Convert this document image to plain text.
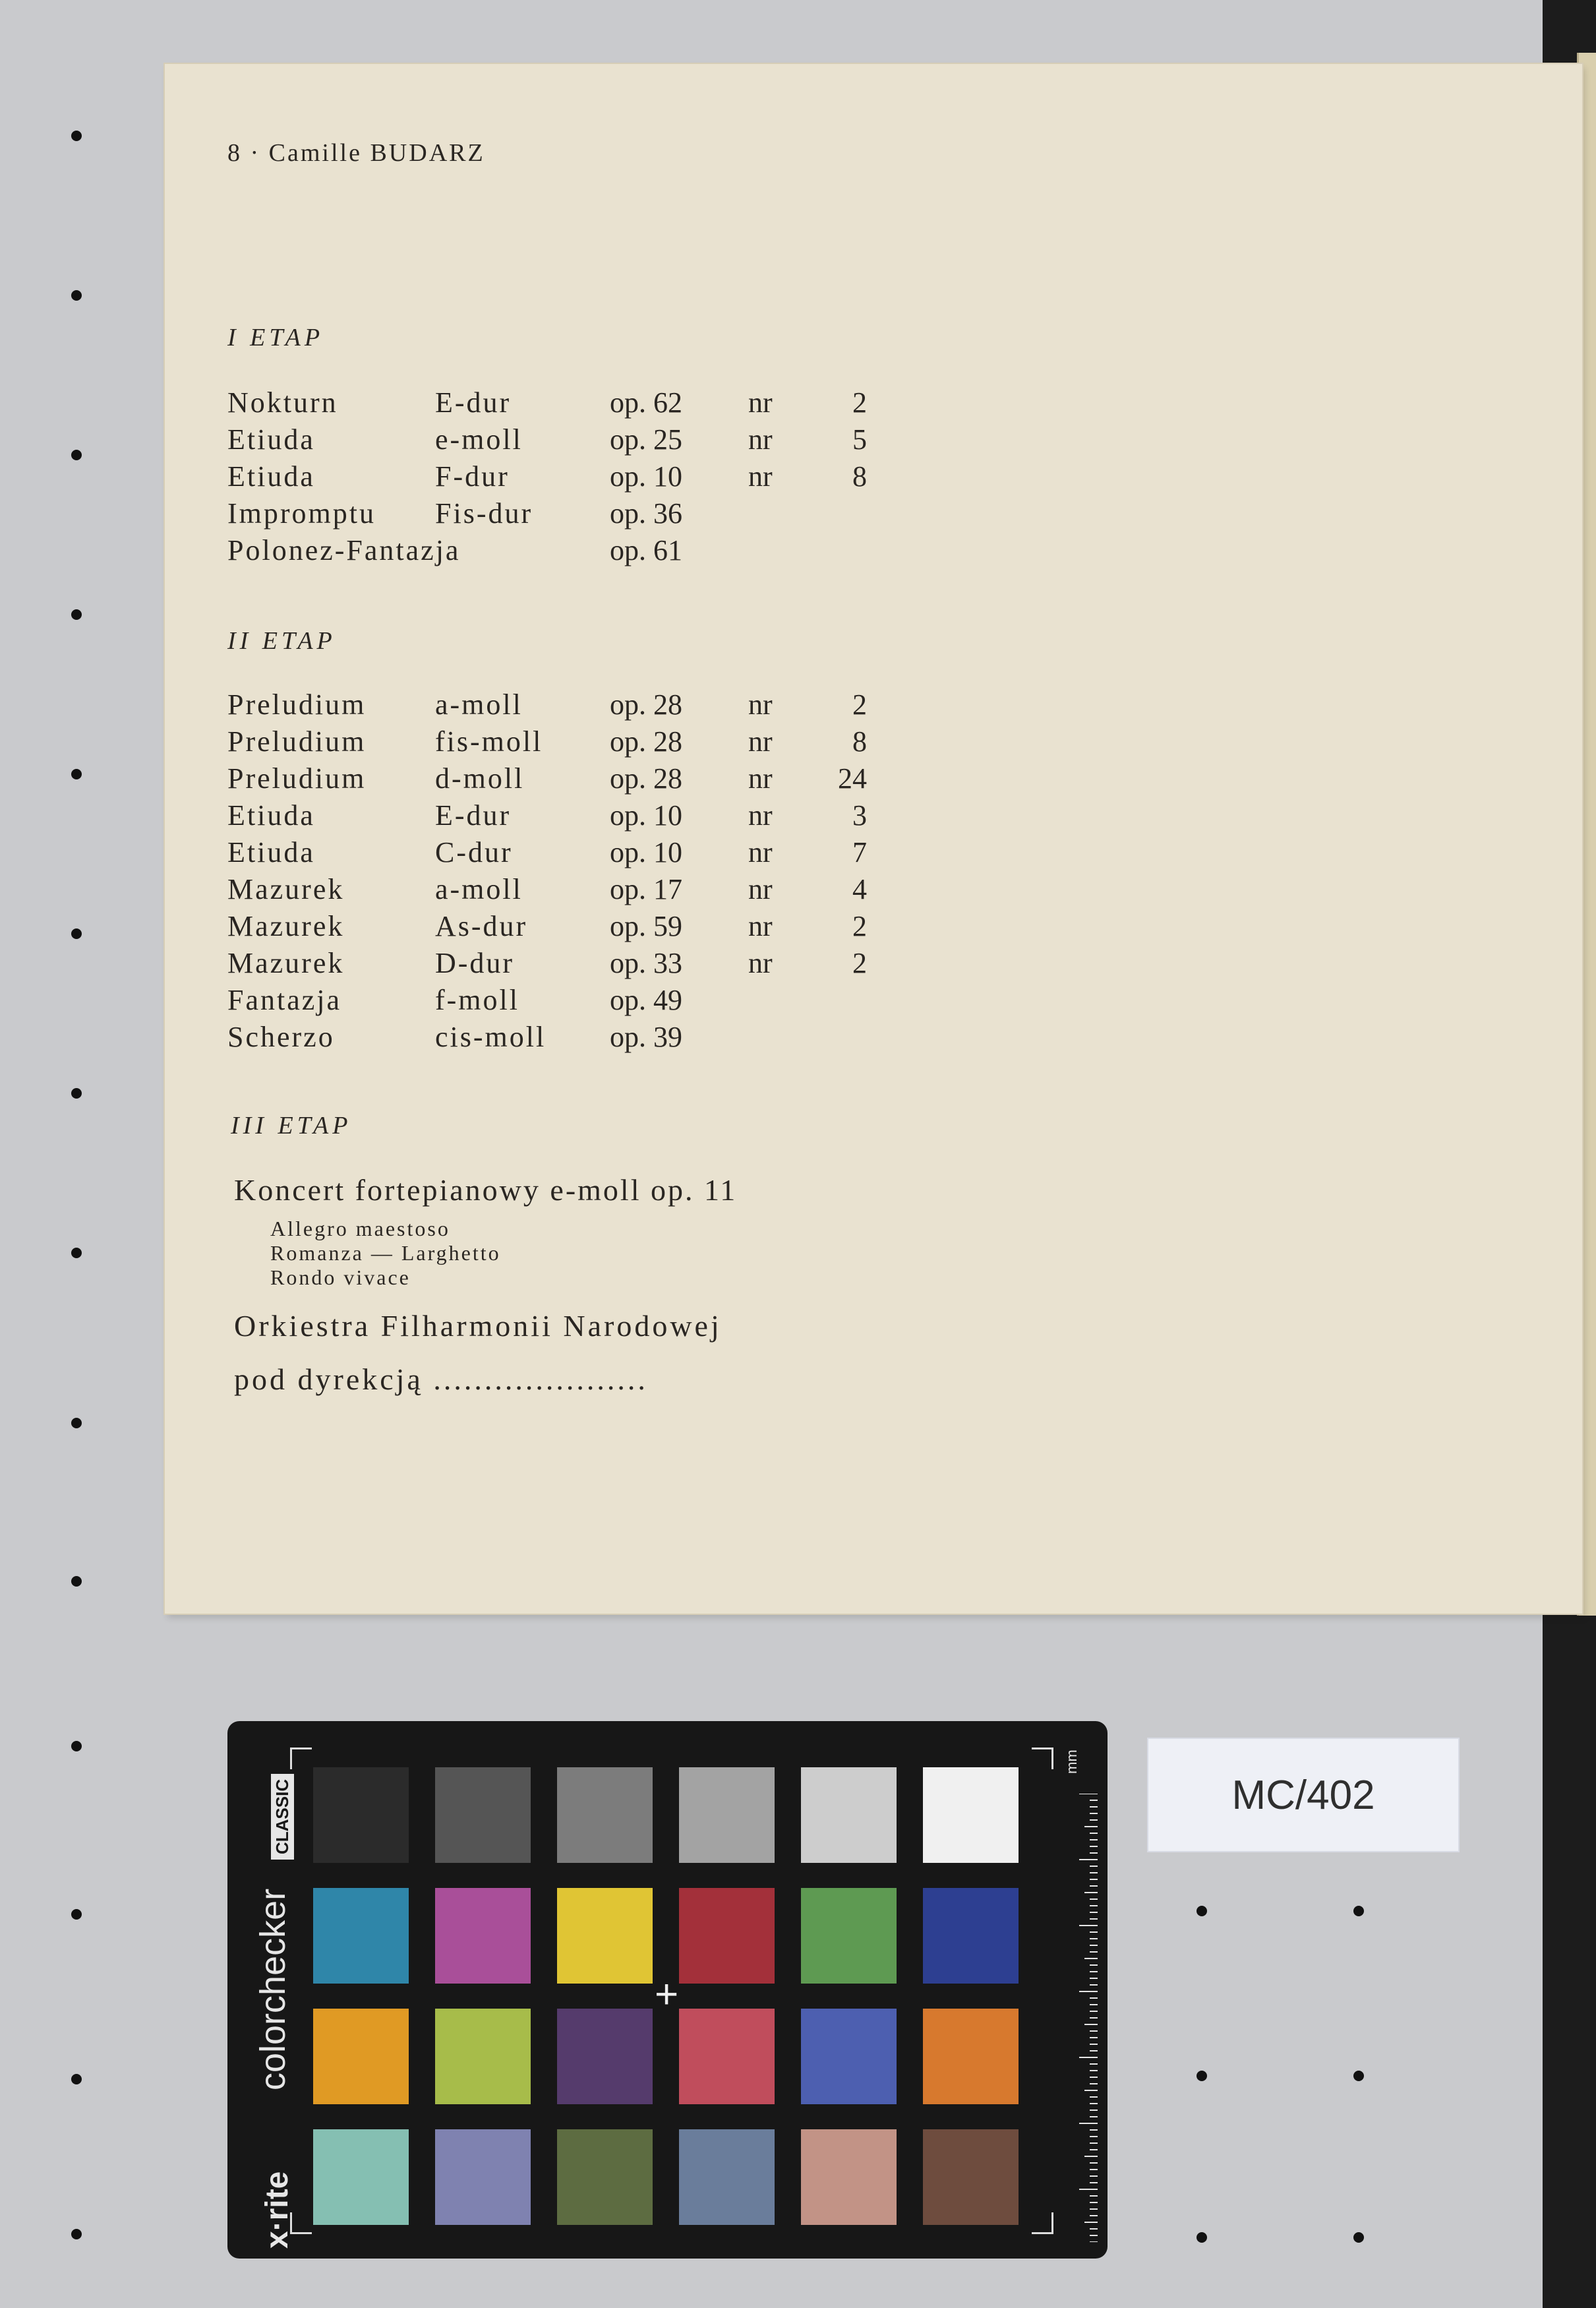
8 · Camille BUDARZ
I ETAP
Nokturn	E-dur	op. 62 nr	2
Etiuda	e-moll	op. 25 nr	5
Etiuda	F-dur	op. 10 nr	8
Impromptu Fis-dur	op. 36
Polonez-Fantazja	op. 61
II ETAP
Preludium a-moll	op. 28 nr	2
Preludium fis-moll op. 28 nr	8
Preludium d-moll	op. 28 nr	24
Etiuda	E-dur	op. 10 nr	3
Etiuda	C-dur	op. 10 nr	7
Mazurek	a-moll	op. 17 nr	4
Mazurek	As-dur	op. 59 nr	2
Mazurek	D-dur	op. 33 nr	2
Fantazja	f-moll	op. 49
Scherzo	cis-moll op. 39
III ETAP
Koncert fortepianowy e-moll op. 11
Allegro maestoso
Romanza — Larghetto
Rondo vivace
Orkiestra Filharmonii Narodowej
pod dyrekcją .....................
colorchecker
x·rite
CLASSIC
mm
+
MC/402
